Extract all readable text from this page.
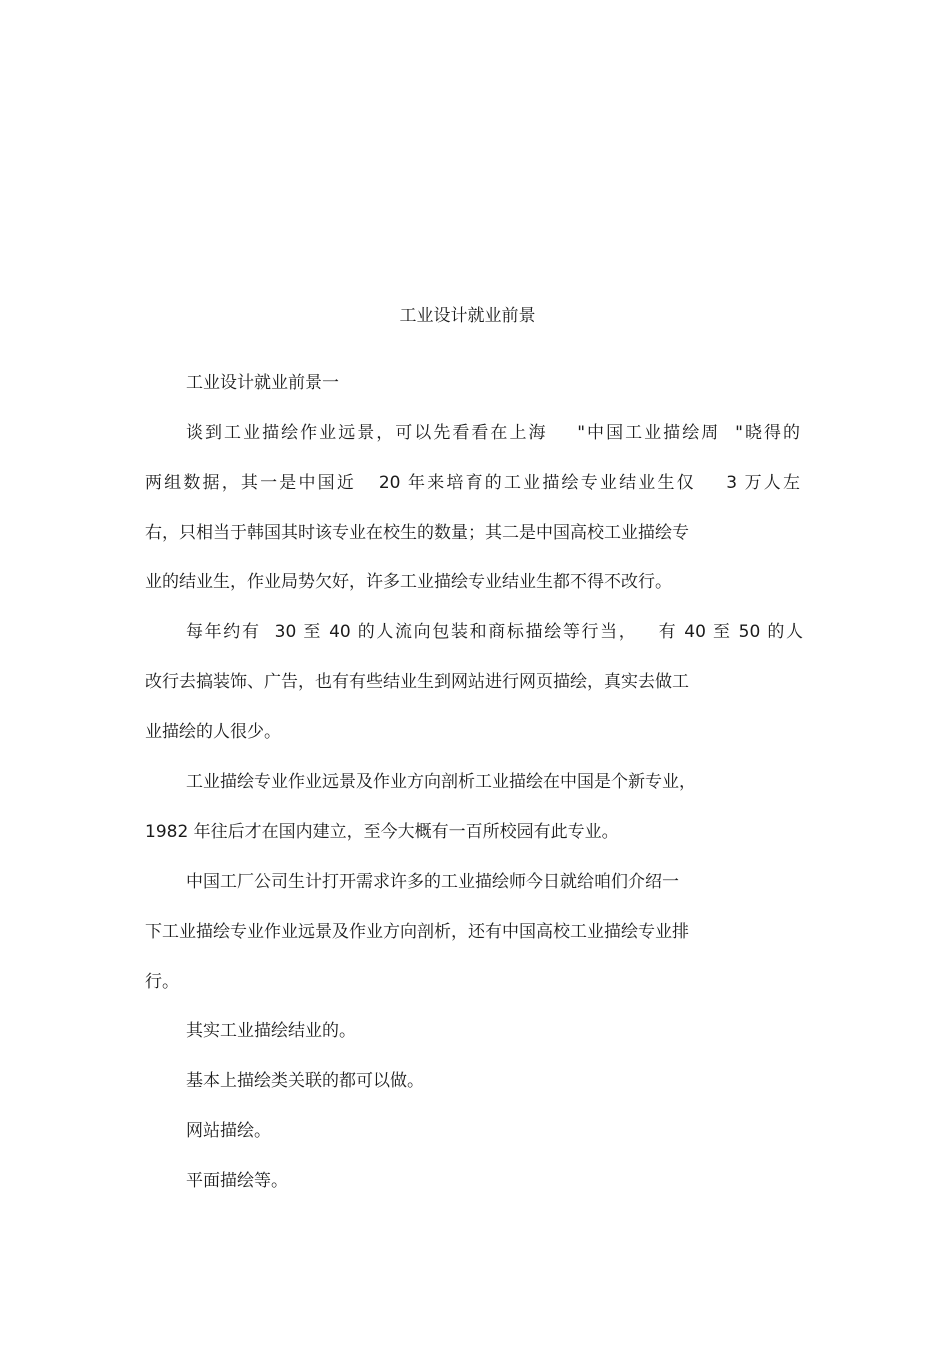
工业设计就业前景
工业设计就业前景一
谈到工业描绘作业远景，可以先看看在上海    "中国工业描绘周  "晓得的
两组数据，其一是中国近   20 年来培育的工业描绘专业结业生仅    3 万人左
右，只相当于韩国其时该专业在校生的数量；其二是中国高校工业描绘专
业的结业生，作业局势欠好，许多工业描绘专业结业生都不得不改行。
每年约有  30 至 40 的人流向包装和商标描绘等行当，   有 40 至 50 的人
改行去搞装饰、广告，也有有些结业生到网站进行网页描绘，真实去做工
业描绘的人很少。
工业描绘专业作业远景及作业方向剖析工业描绘在中国是个新专业，
1982 年往后才在国内建立，至今大概有一百所校园有此专业。
中国工厂公司生计打开需求许多的工业描绘师今日就给咱们介绍一
下工业描绘专业作业远景及作业方向剖析，还有中国高校工业描绘专业排
行。
其实工业描绘结业的。
基本上描绘类关联的都可以做。
网站描绘。
平面描绘等。
